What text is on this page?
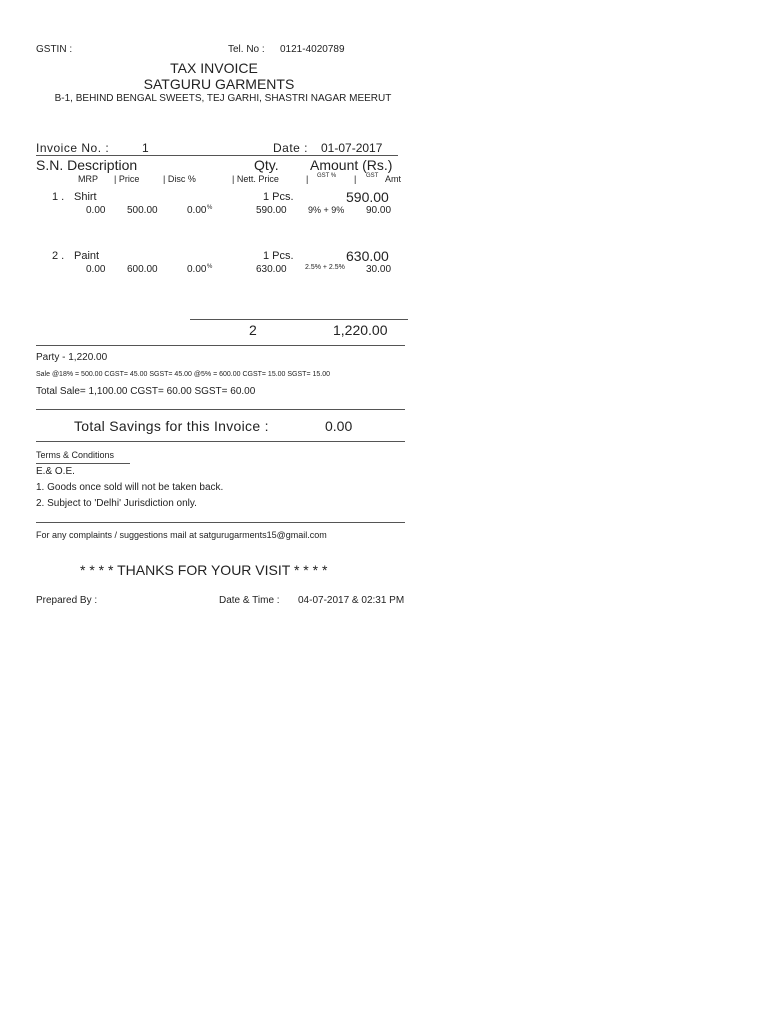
GSTIN :	Tel. No : 0121-4020789
TAX INVOICE
SATGURU GARMENTS
B-1, BEHIND BENGAL SWEETS, TEJ GARHI, SHASTRI NAGAR MEERUT
Invoice No. :	1	Date : 01-07-2017
S.N. Description	Qty. Amount (Rs.)
MRP | Price	| Disc %	| Nett. Price	| GST % | GST Amt
1 . Shirt	1 Pcs.	590.00
0.00 500.00	0.00 %	590.00 9% + 9% 90.00
2 . Paint	1 Pcs.	630.00
0.00 600.00	0.00 %	630.00	2.5% + 2.5% 30.00
2	1,220.00
Party - 1,220.00
Sale @18% = 500.00 CGST= 45.00 SGST= 45.00 @5% = 600.00 CGST= 15.00 SGST= 15.00
Total Sale= 1,100.00 CGST= 60.00 SGST= 60.00
Total Savings for this Invoice :	0.00
Terms & Conditions
E.& O.E.
1. Goods once sold will not be taken back.
2. Subject to 'Delhi' Jurisdiction only.
For any complaints / suggestions mail at satgurugarments15@gmail.com
* * * * THANKS FOR YOUR VISIT * * * *
Prepared By :	Date & Time : 04-07-2017 & 02:31 PM
